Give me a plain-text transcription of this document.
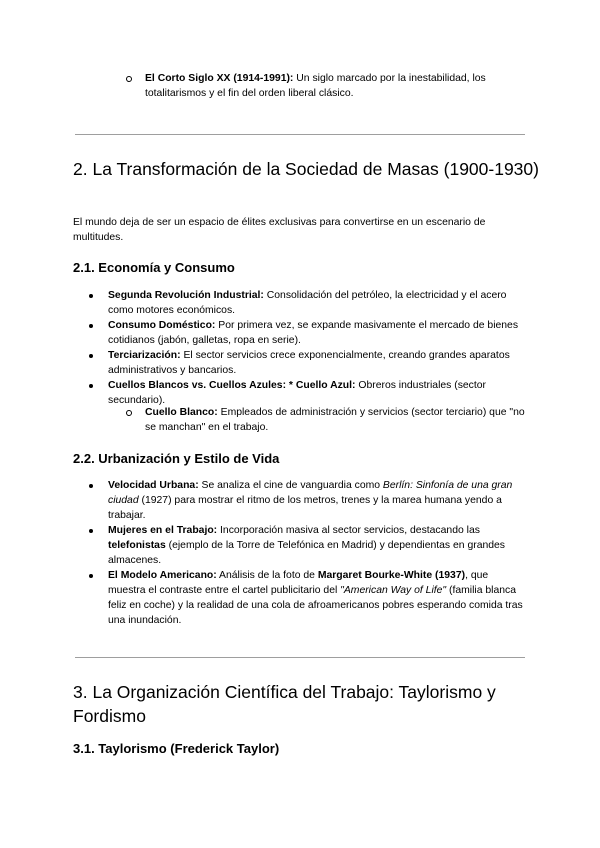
El Corto Siglo XX (1914-1991): Un siglo marcado por la inestabilidad, los totalitarismos y el fin del orden liberal clásico.
2. La Transformación de la Sociedad de Masas (1900-1930)

El mundo deja de ser un espacio de élites exclusivas para convertirse en un escenario de multitudes.

2.1. Economía y Consumo
Segunda Revolución Industrial: Consolidación del petróleo, la electricidad y el acero como motores económicos.
Consumo Doméstico: Por primera vez, se expande masivamente el mercado de bienes cotidianos (jabón, galletas, ropa en serie).
Terciarización: El sector servicios crece exponencialmente, creando grandes aparatos administrativos y bancarios.
Cuellos Blancos vs. Cuellos Azules: * Cuello Azul: Obreros industriales (sector secundario).
Cuello Blanco: Empleados de administración y servicios (sector terciario) que "no se manchan" en el trabajo.
2.2. Urbanización y Estilo de Vida
Velocidad Urbana: Se analiza el cine de vanguardia como Berlín: Sinfonía de una gran ciudad (1927) para mostrar el ritmo de los metros, trenes y la marea humana yendo a trabajar.
Mujeres en el Trabajo: Incorporación masiva al sector servicios, destacando las telefonistas (ejemplo de la Torre de Telefónica en Madrid) y dependientas en grandes almacenes.
El Modelo Americano: Análisis de la foto de Margaret Bourke-White (1937), que muestra el contraste entre el cartel publicitario del "American Way of Life" (familia blanca feliz en coche) y la realidad de una cola de afroamericanos pobres esperando comida tras una inundación.
3. La Organización Científica del Trabajo: Taylorismo y Fordismo
3.1. Taylorismo (Frederick Taylor)
